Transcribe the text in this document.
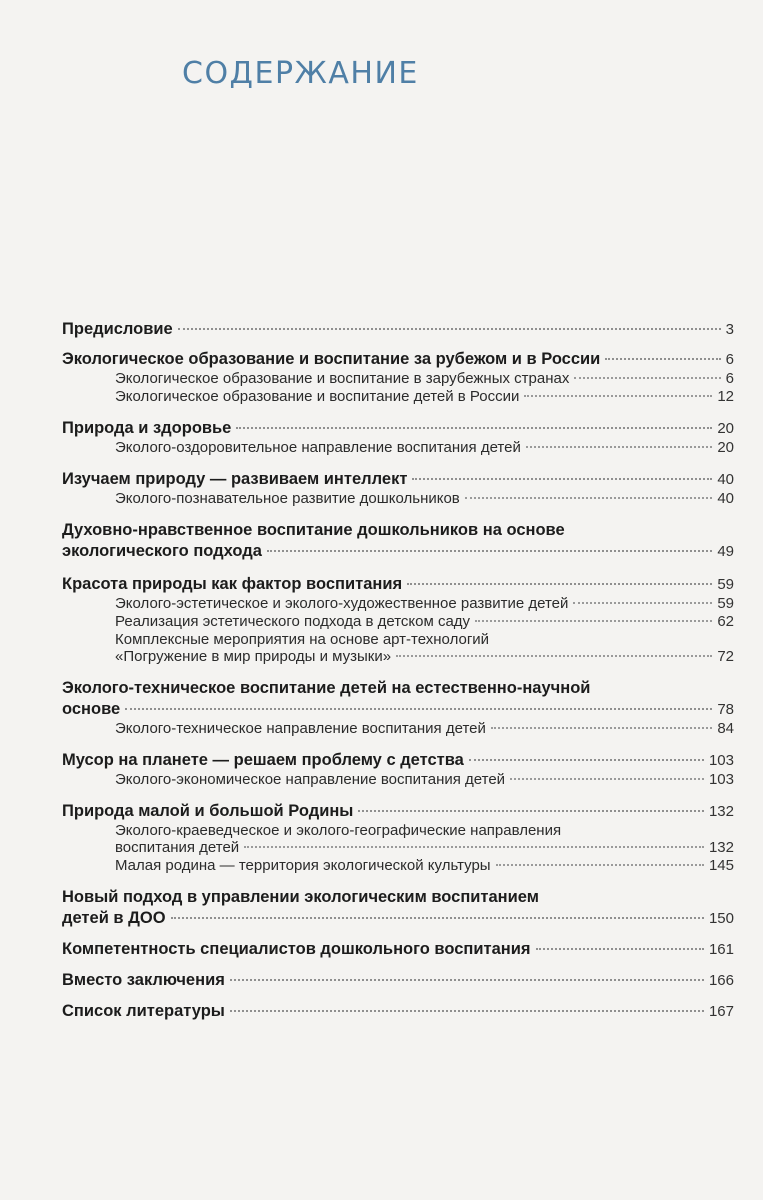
СОДЕРЖАНИЕ
Предисловие	3
Экологическое образование и воспитание за рубежом и в России	6
Экологическое образование и воспитание в зарубежных странах	6
Экологическое образование и воспитание детей в России	12
Природа и здоровье	20
Эколого-оздоровительное направление воспитания детей	20
Изучаем природу — развиваем интеллект	40
Эколого-познавательное развитие дошкольников	40
Духовно-нравственное воспитание дошкольников на основе
экологического подхода	49
Красота природы как фактор воспитания	59
Эколого-эстетическое и эколого-художественное развитие детей	59
Реализация эстетического подхода в детском саду	62
Комплексные мероприятия на основе арт-технологий
«Погружение в мир природы и музыки»	72
Эколого-техническое воспитание детей на естественно-научной
основе	78
Эколого-техническое направление воспитания детей	84
Мусор на планете — решаем проблему с детства	103
Эколого-экономическое направление воспитания детей	103
Природа малой и большой Родины	132
Эколого-краеведческое и эколого-географические направления
воспитания детей	132
Малая родина — территория экологической культуры	145
Новый подход в управлении экологическим воспитанием
детей в ДОО	150
Компетентность специалистов дошкольного воспитания	161
Вместо заключения	166
Список литературы	167
